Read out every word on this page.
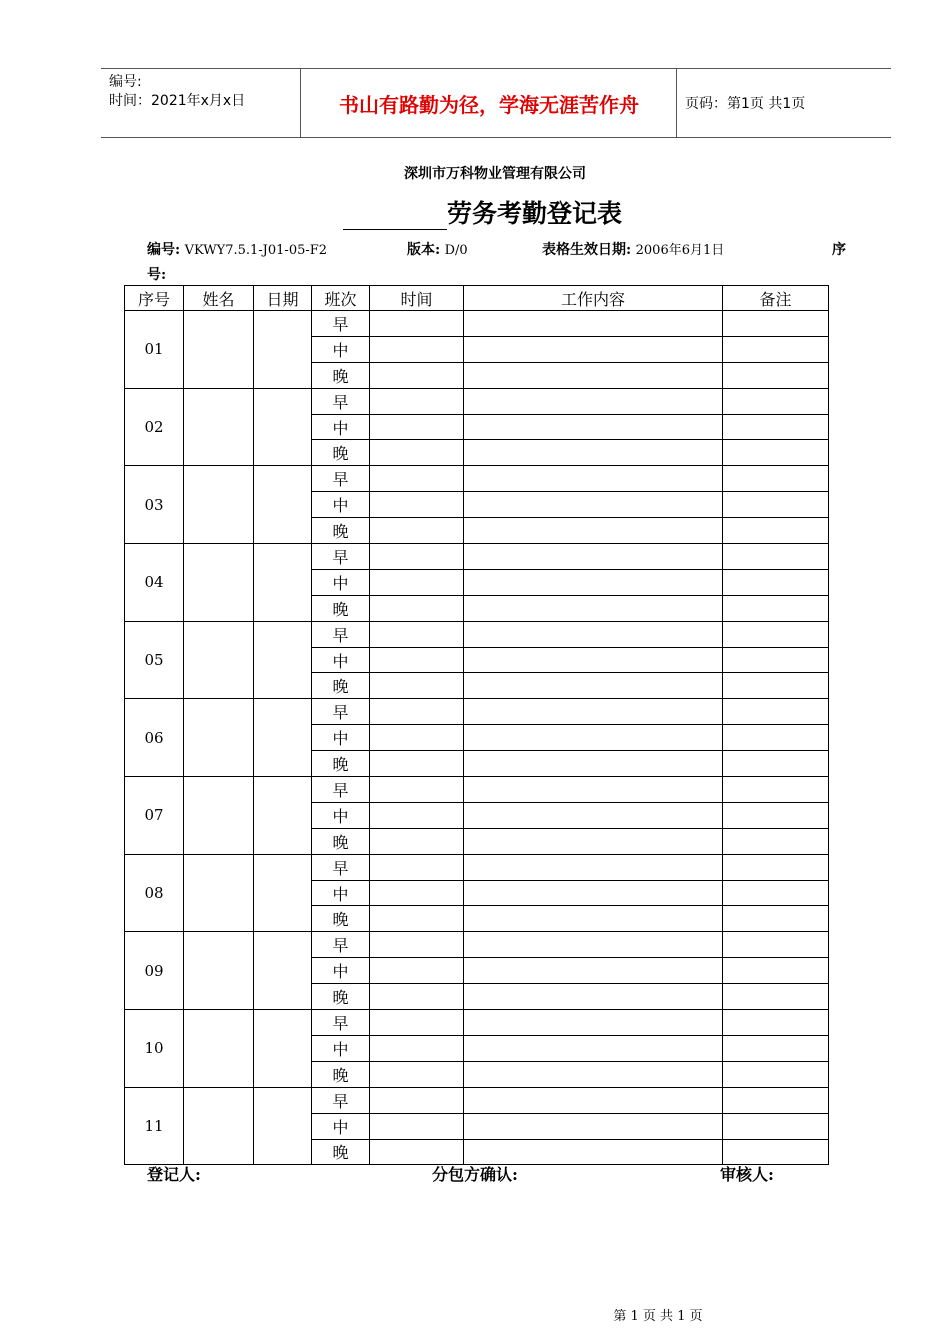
编号:
时间：2021年x月x日	书山有路勤为径，学海无涯苦作舟	页码：第1页 共1页
深圳市万科物业管理有限公司
劳务考勤登记表
编号: VKWY7.5.1-J01-05-F2	版本: D/0	表格生效日期: 2006年6月1日	序
号:
序号	姓名	日期	班次	时间	工作内容	备注
01			早			
			中			
			晚			
02			早			
			中			
			晚			
03			早			
			中			
			晚			
04			早			
			中			
			晚			
05			早			
			中			
			晚			
06			早			
			中			
			晚			
07			早			
			中			
			晚			
08			早			
			中			
			晚			
09			早			
			中			
			晚			
10			早			
			中			
			晚			
11			早			
			中			
			晚			
登记人:	分包方确认:	审核人:
第 1 页 共 1 页
